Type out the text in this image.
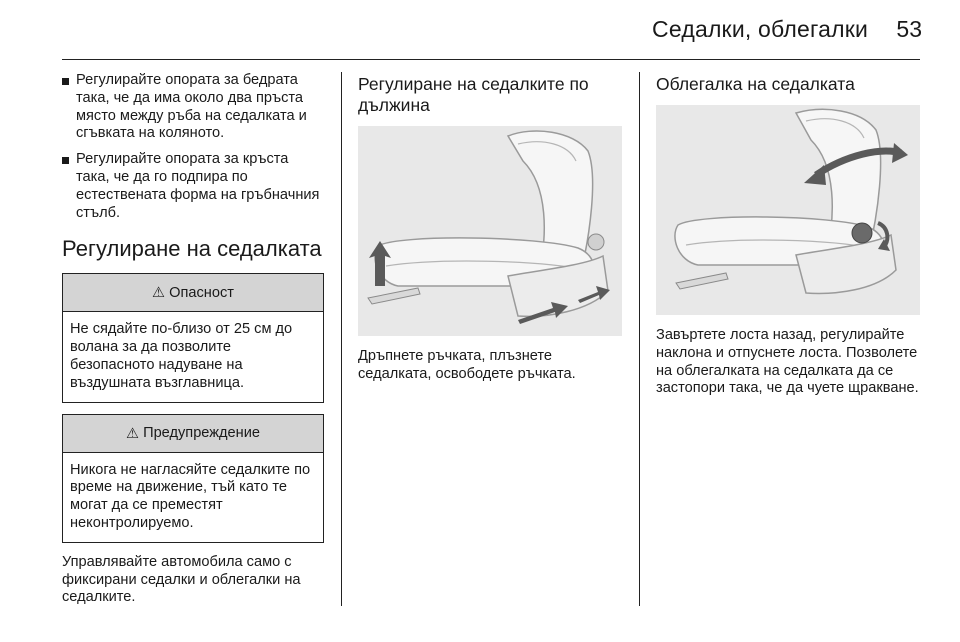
Седалки, облегалки 53
Регулирайте опората за бедрата така, че да има около два пръста място между ръба на седалката и сгъвката на коляното.
Регулирайте опората за кръста така, че да го подпира по естествената форма на гръбначния стълб.
Регулиране на седалката
⚠ Опасност
Не сядайте по-близо от 25 см до волана за да позволите безопасното надуване на въздушната възглавница.
⚠ Предупреждение
Никога не нагласяйте седалките по време на движение, тъй като те могат да се преместят неконтролируемо.

Управлявайте автомобила само с фиксирани седалки и облегалки на седалките.

Регулиране на седалките по дължина

Дръпнете ръчката, плъзнете седалката, освободете ръчката.

Облегалка на седалката

Завъртете лоста назад, регулирайте наклона и отпуснете лоста. Позволете на облегалката на седалката да се застопори така, че да чуете щракване.
